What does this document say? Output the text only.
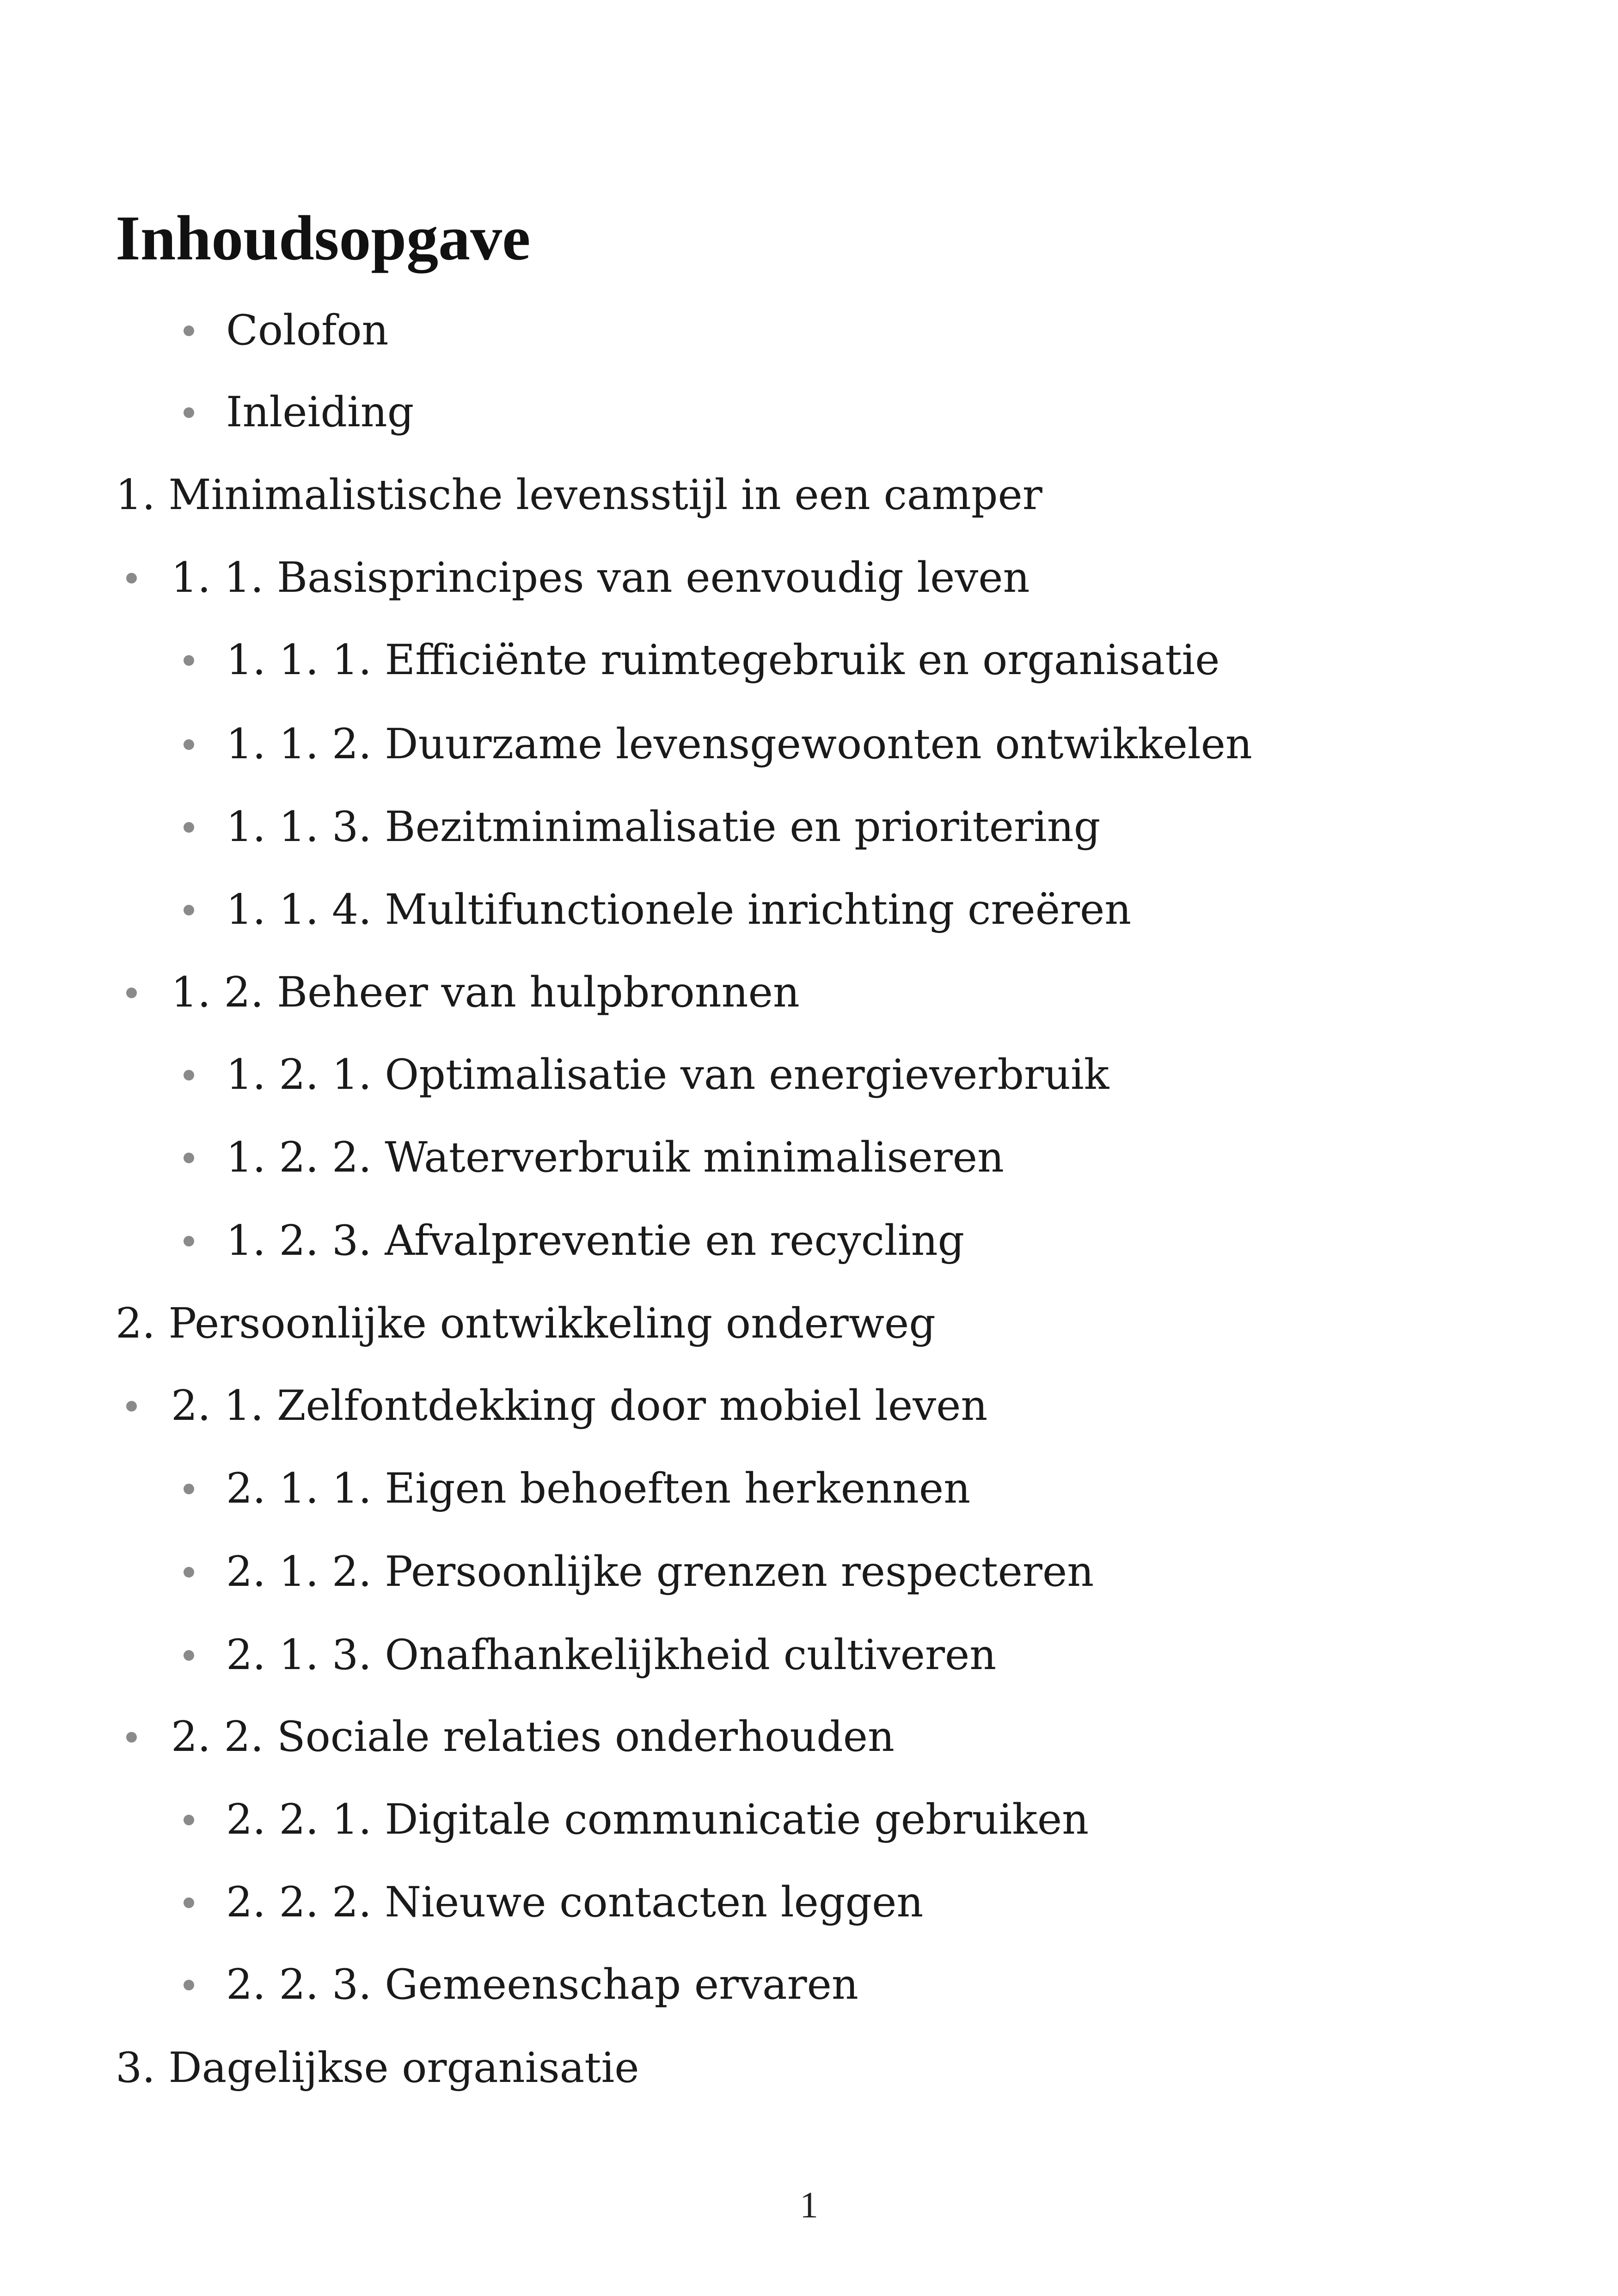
Inhoudsopgave
Colofon
Inleiding
1. Minimalistische levensstijl in een camper
1. 1. Basisprincipes van eenvoudig leven
1. 1. 1. Efficiënte ruimtegebruik en organisatie
1. 1. 2. Duurzame levensgewoonten ontwikkelen
1. 1. 3. Bezitminimalisatie en prioritering
1. 1. 4. Multifunctionele inrichting creëren
1. 2. Beheer van hulpbronnen
1. 2. 1. Optimalisatie van energieverbruik
1. 2. 2. Waterverbruik minimaliseren
1. 2. 3. Afvalpreventie en recycling
2. Persoonlijke ontwikkeling onderweg
2. 1. Zelfontdekking door mobiel leven
2. 1. 1. Eigen behoeften herkennen
2. 1. 2. Persoonlijke grenzen respecteren
2. 1. 3. Onafhankelijkheid cultiveren
2. 2. Sociale relaties onderhouden
2. 2. 1. Digitale communicatie gebruiken
2. 2. 2. Nieuwe contacten leggen
2. 2. 3. Gemeenschap ervaren
3. Dagelijkse organisatie
1
